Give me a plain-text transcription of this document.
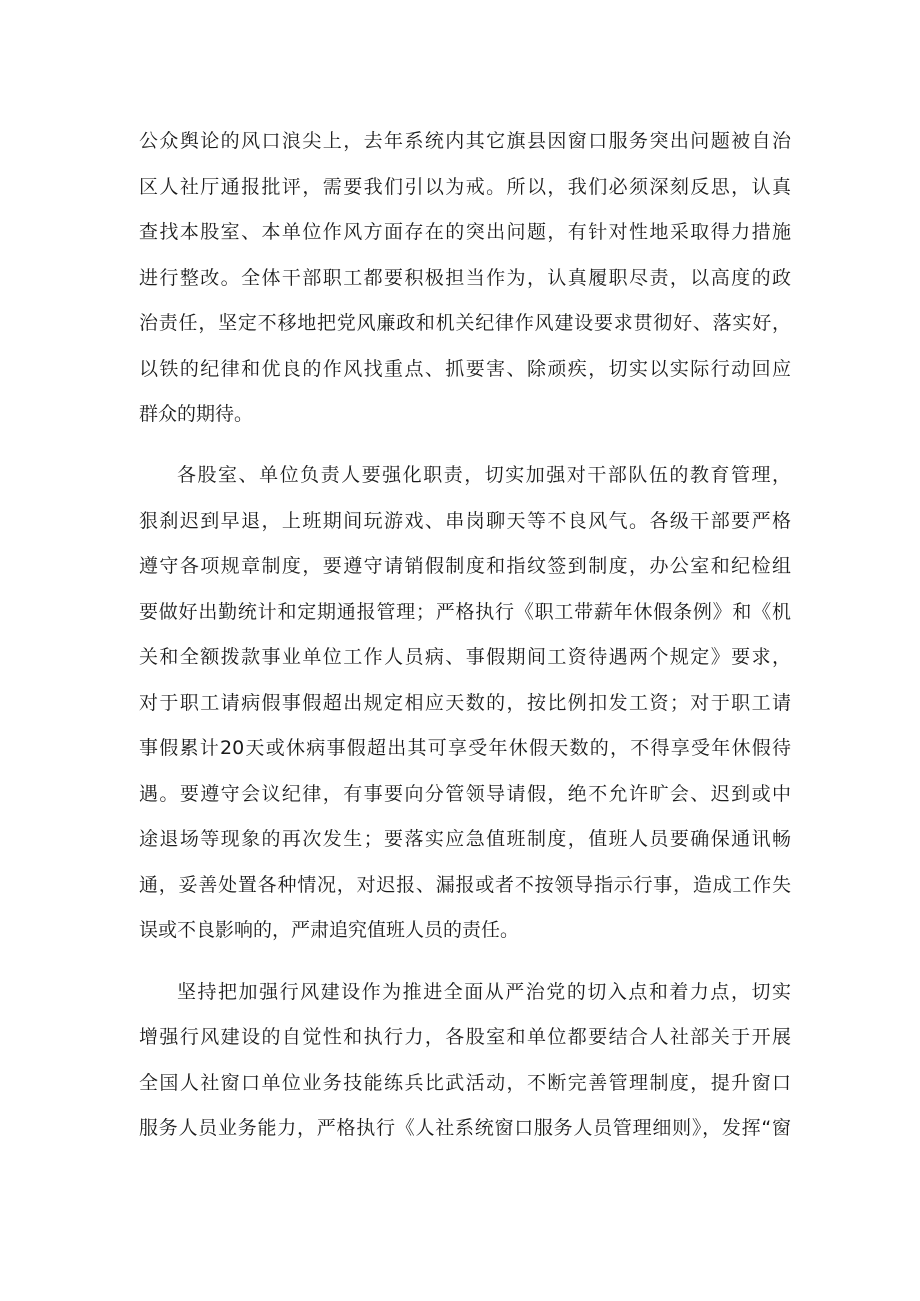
公众舆论的风口浪尖上，去年系统内其它旗县因窗口服务突出问题被自治
区人社厅通报批评，需要我们引以为戒。所以，我们必须深刻反思，认真
查找本股室、本单位作风方面存在的突出问题，有针对性地采取得力措施
进行整改。全体干部职工都要积极担当作为，认真履职尽责，以高度的政
治责任，坚定不移地把党风廉政和机关纪律作风建设要求贯彻好、落实好，
以铁的纪律和优良的作风找重点、抓要害、除顽疾，切实以实际行动回应
群众的期待。
各股室、单位负责人要强化职责，切实加强对干部队伍的教育管理，
狠刹迟到早退，上班期间玩游戏、串岗聊天等不良风气。各级干部要严格
遵守各项规章制度，要遵守请销假制度和指纹签到制度，办公室和纪检组
要做好出勤统计和定期通报管理；严格执行《职工带薪年休假条例》和《机
关和全额拨款事业单位工作人员病、事假期间工资待遇两个规定》要求，
对于职工请病假事假超出规定相应天数的，按比例扣发工资；对于职工请
事假累计20天或休病事假超出其可享受年休假天数的，不得享受年休假待
遇。要遵守会议纪律，有事要向分管领导请假，绝不允许旷会、迟到或中
途退场等现象的再次发生；要落实应急值班制度，值班人员要确保通讯畅
通，妥善处置各种情况，对迟报、漏报或者不按领导指示行事，造成工作失
误或不良影响的，严肃追究值班人员的责任。
坚持把加强行风建设作为推进全面从严治党的切入点和着力点，切实
增强行风建设的自觉性和执行力，各股室和单位都要结合人社部关于开展
全国人社窗口单位业务技能练兵比武活动，不断完善管理制度，提升窗口
服务人员业务能力，严格执行《人社系统窗口服务人员管理细则》，发挥“窗
